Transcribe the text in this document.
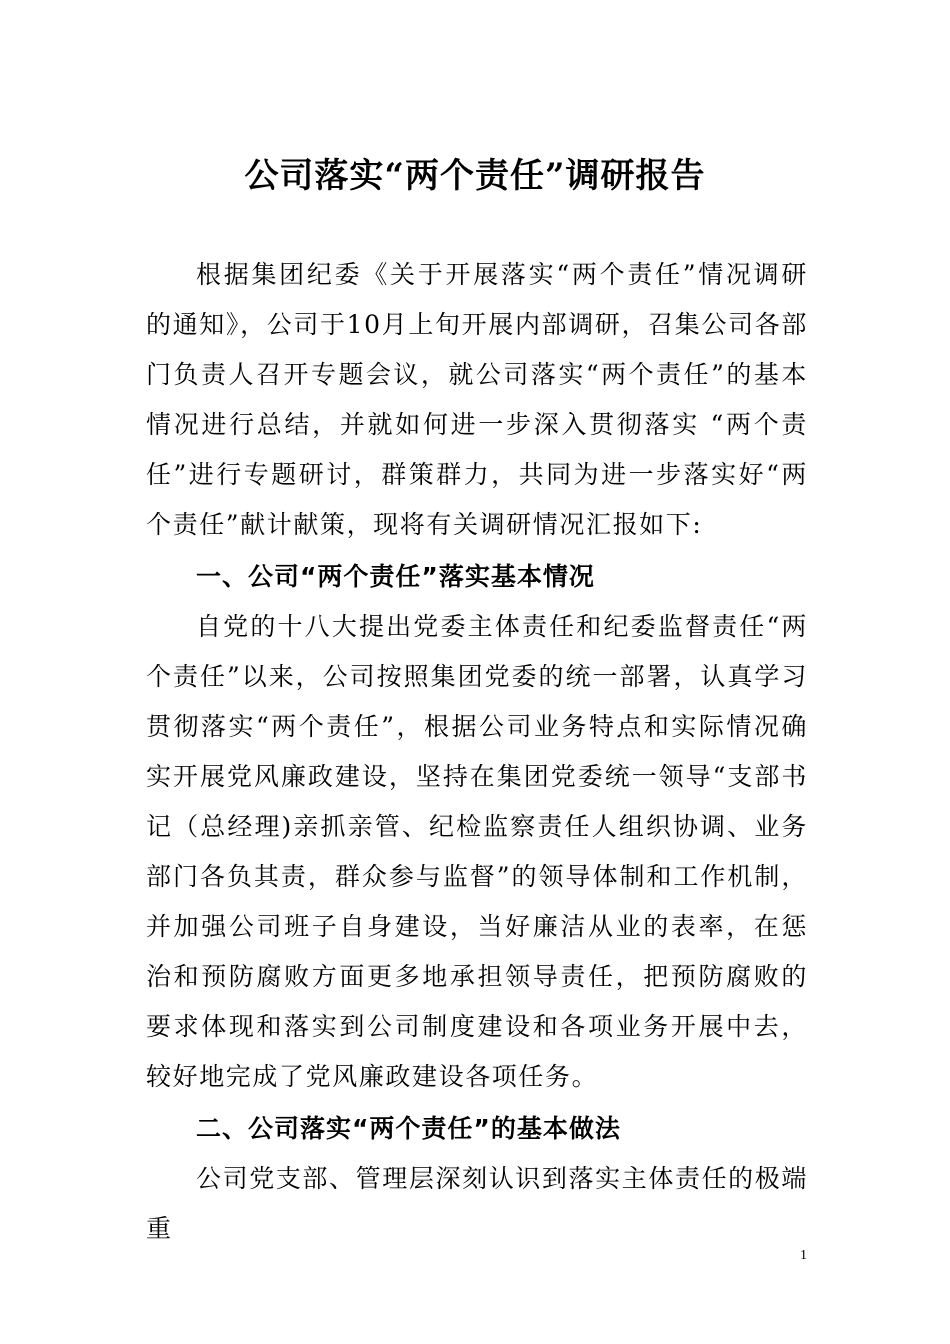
公司落实“两个责任”调研报告

根据集团纪委《关于开展落实“两个责任”情况调研的通知》，公司于10月上旬开展内部调研，召集公司各部门负责人召开专题会议，就公司落实“两个责任”的基本情况进行总结，并就如何进一步深入贯彻落实 “两个责任”进行专题研讨，群策群力，共同为进一步落实好“两个责任”献计献策，现将有关调研情况汇报如下:

一、公司“两个责任”落实基本情况

自党的十八大提出党委主体责任和纪委监督责任“两个责任”以来，公司按照集团党委的统一部署，认真学习贯彻落实“两个责任”，根据公司业务特点和实际情况确实开展党风廉政建设，坚持在集团党委统一领导“支部书记（总经理)亲抓亲管、纪检监察责任人组织协调、业务部门各负其责，群众参与监督”的领导体制和工作机制，并加强公司班子自身建设，当好廉洁从业的表率，在惩治和预防腐败方面更多地承担领导责任，把预防腐败的要求体现和落实到公司制度建设和各项业务开展中去，较好地完成了党风廉政建设各项任务。

二、公司落实“两个责任”的基本做法

公司党支部、管理层深刻认识到落实主体责任的极端重

1
